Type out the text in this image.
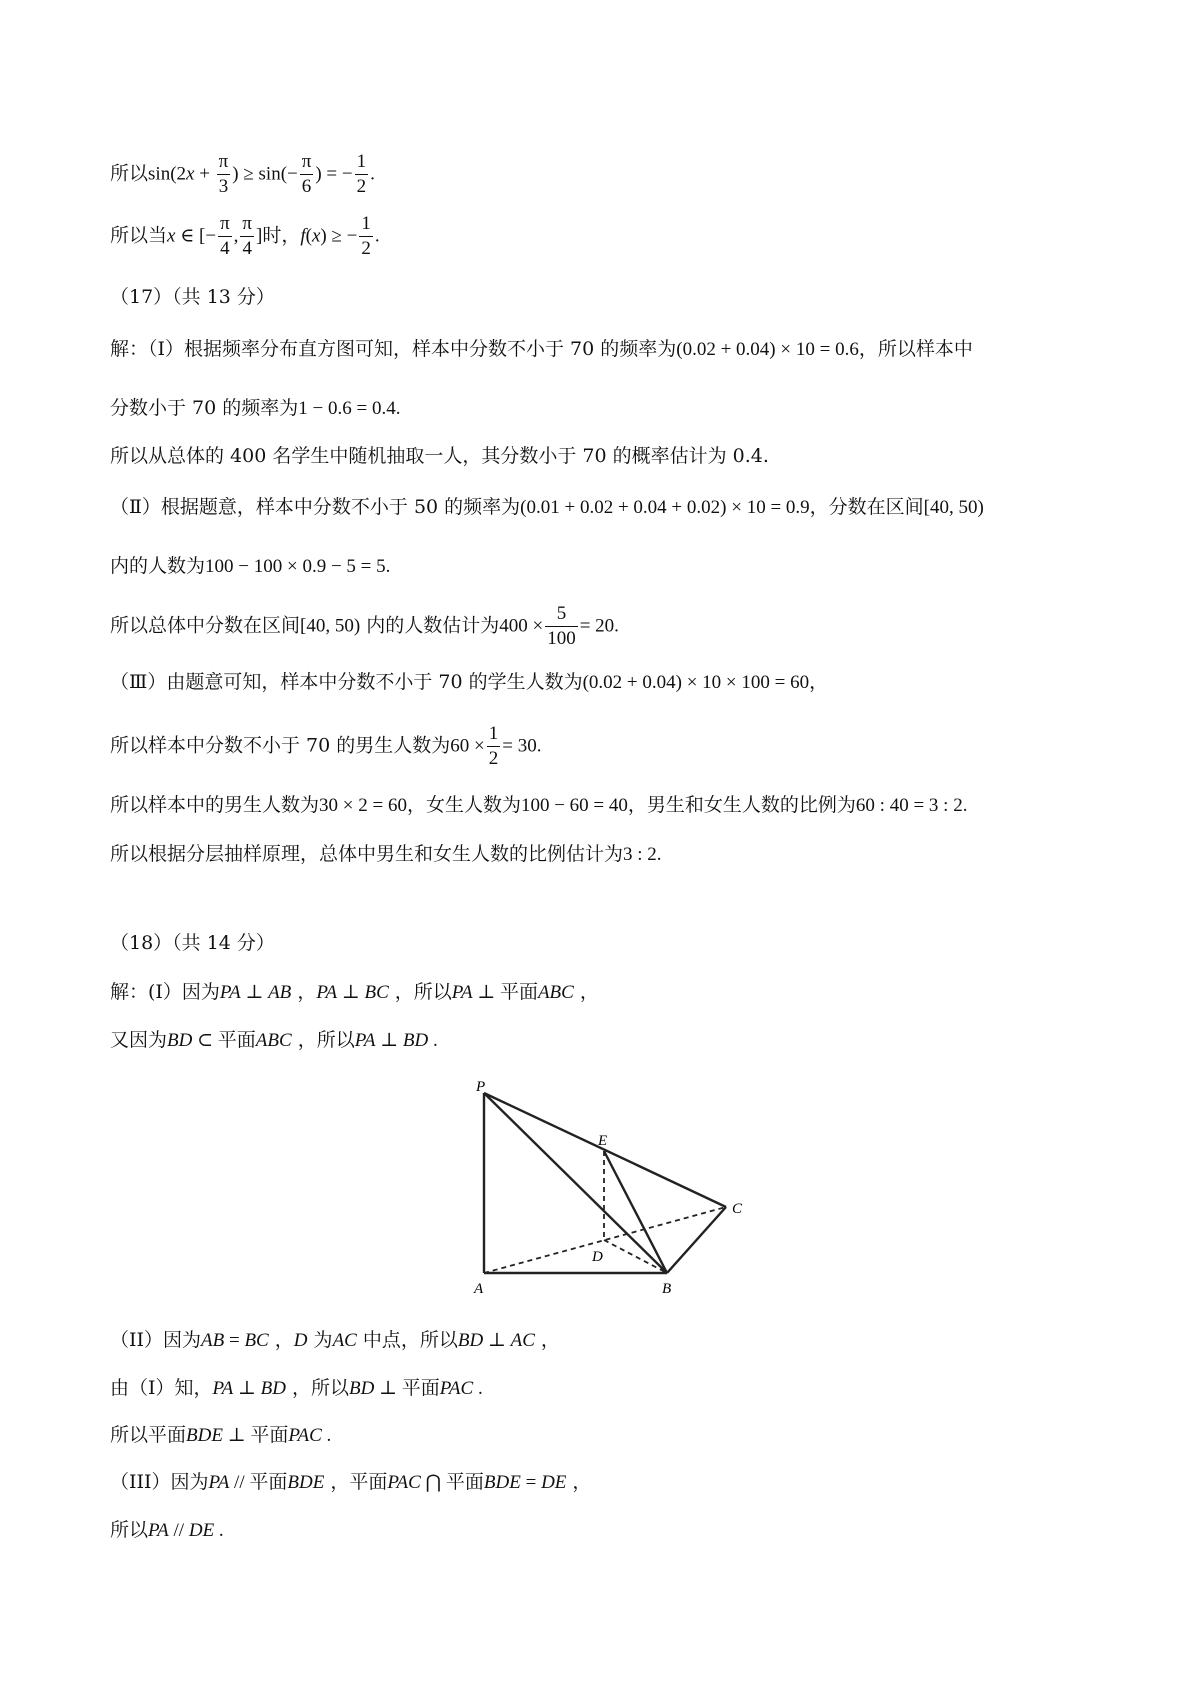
所以$\sin(2x + \frac{\pi}{3}$ ) ≥ $\sin(- \frac{\pi}{6}$ ) = − $\frac{1}{2}$ .
所以当x ∈ [− $\frac{\pi}{4}$ , $\frac{\pi}{4}$ ]时，f(x) ≥ − $\frac{1}{2}$ .
（17）（共 13 分）
解：（Ⅰ）根据频率分布直方图可知，样本中分数不小于 70 的频率为(0.02 + 0.04) × 10 = 0.6，所以样本中
分数小于 70 的频率为1 − 0.6 = 0.4.
所以从总体的 400 名学生中随机抽取一人，其分数小于 70 的概率估计为 0.4.
（Ⅱ）根据题意，样本中分数不小于 50 的频率为(0.01 + 0.02 + 0.04 + 0.02) × 10 = 0.9，分数在区间[40, 50)
内的人数为100 − 100 × 0.9 − 5 = 5.
所以总体中分数在区间[40, 50) 内的人数估计为$400 \times \frac{5}{100} = 20$.
（Ⅲ）由题意可知，样本中分数不小于 70 的学生人数为(0.02 + 0.04) × 10 × 100 = 60，
所以样本中分数不小于 70 的男生人数为$60 \times \frac{1}{2} = 30$.
所以样本中的男生人数为30 × 2 = 60，女生人数为100 − 60 = 40，男生和女生人数的比例为60 : 40 = 3 : 2.
所以根据分层抽样原理，总体中男生和女生人数的比例估计为3 : 2.
（18）（共 14 分）
解：(I）因为PA ⊥ AB ，PA ⊥ BC ，所以PA ⊥ 平面ABC ，
又因为BD ⊂ 平面ABC ，所以PA ⊥ BD .
P
E
C
D
A	B
（II）因为AB = BC ，D 为AC 中点，所以BD ⊥ AC ，
由（I）知，PA ⊥ BD ，所以BD ⊥ 平面PAC .
所以平面BDE ⊥ 平面PAC .
（III）因为PA // 平面BDE ，平面PAC ⋂ 平面BDE = DE ，
所以PA // DE .
